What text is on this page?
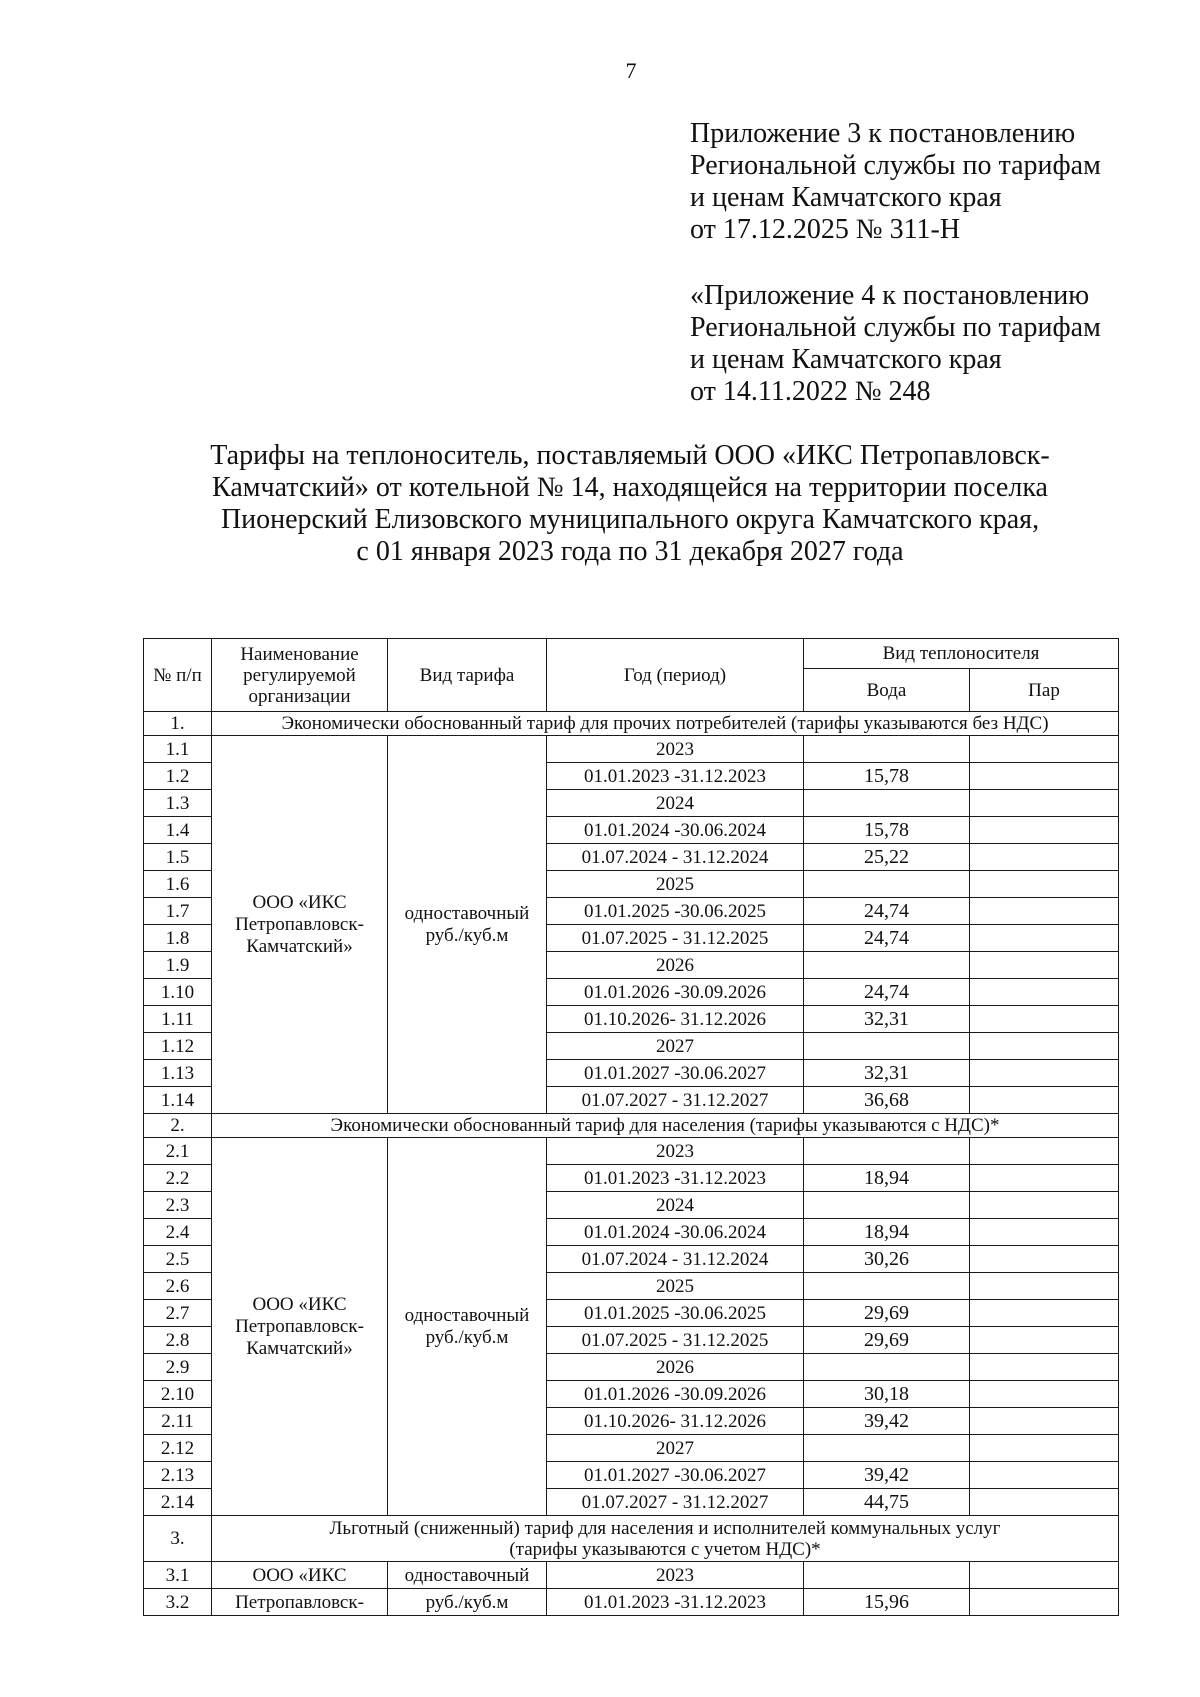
7
Приложение 3 к постановлению
Региональной службы по тарифам
и ценам Камчатского края
от 17.12.2025 № 311-Н
«Приложение 4 к постановлению
Региональной службы по тарифам
и ценам Камчатского края
от 14.11.2022 № 248
Тарифы на теплоноситель, поставляемый ООО «ИКС Петропавловск-
Камчатский» от котельной № 14, находящейся на территории поселка
Пионерский Елизовского муниципального округа Камчатского края,
с 01 января 2023 года по 31 декабря 2027 года
№ п/п	Наименование регулируемой организации	Вид тарифа	Год (период)	Вид теплоносителя	
				Вода	Пар
1.	Экономически обоснованный тариф для прочих потребителей (тарифы указываются без НДС)				
1.1	ООО «ИКС Петропавловск-Камчатский»	одноставочный руб./куб.м	2023		
1.2			01.01.2023 -31.12.2023	15,78	
1.3			2024		
1.4			01.01.2024 -30.06.2024	15,78	
1.5			01.07.2024 - 31.12.2024	25,22	
1.6			2025		
1.7			01.01.2025 -30.06.2025	24,74	
1.8			01.07.2025 - 31.12.2025	24,74	
1.9			2026		
1.10			01.01.2026 -30.09.2026	24,74	
1.11			01.10.2026- 31.12.2026	32,31	
1.12			2027		
1.13			01.01.2027 -30.06.2027	32,31	
1.14			01.07.2027 - 31.12.2027	36,68	
2.	Экономически обоснованный тариф для населения (тарифы указываются с НДС)*				
2.1	ООО «ИКС Петропавловск-Камчатский»	одноставочный руб./куб.м	2023		
2.2			01.01.2023 -31.12.2023	18,94	
2.3			2024		
2.4			01.01.2024 -30.06.2024	18,94	
2.5			01.07.2024 - 31.12.2024	30,26	
2.6			2025		
2.7			01.01.2025 -30.06.2025	29,69	
2.8			01.07.2025 - 31.12.2025	29,69	
2.9			2026		
2.10			01.01.2026 -30.09.2026	30,18	
2.11			01.10.2026- 31.12.2026	39,42	
2.12			2027		
2.13			01.01.2027 -30.06.2027	39,42	
2.14			01.07.2027 - 31.12.2027	44,75	
3.	Льготный (сниженный) тариф для населения и исполнителей коммунальных услуг
(тарифы указываются с учетом НДС)*				

3.1	ООО «ИКС	одноставочный	2023		
3.2	Петропавловск-	руб./куб.м	01.01.2023 -31.12.2023	15,96	
